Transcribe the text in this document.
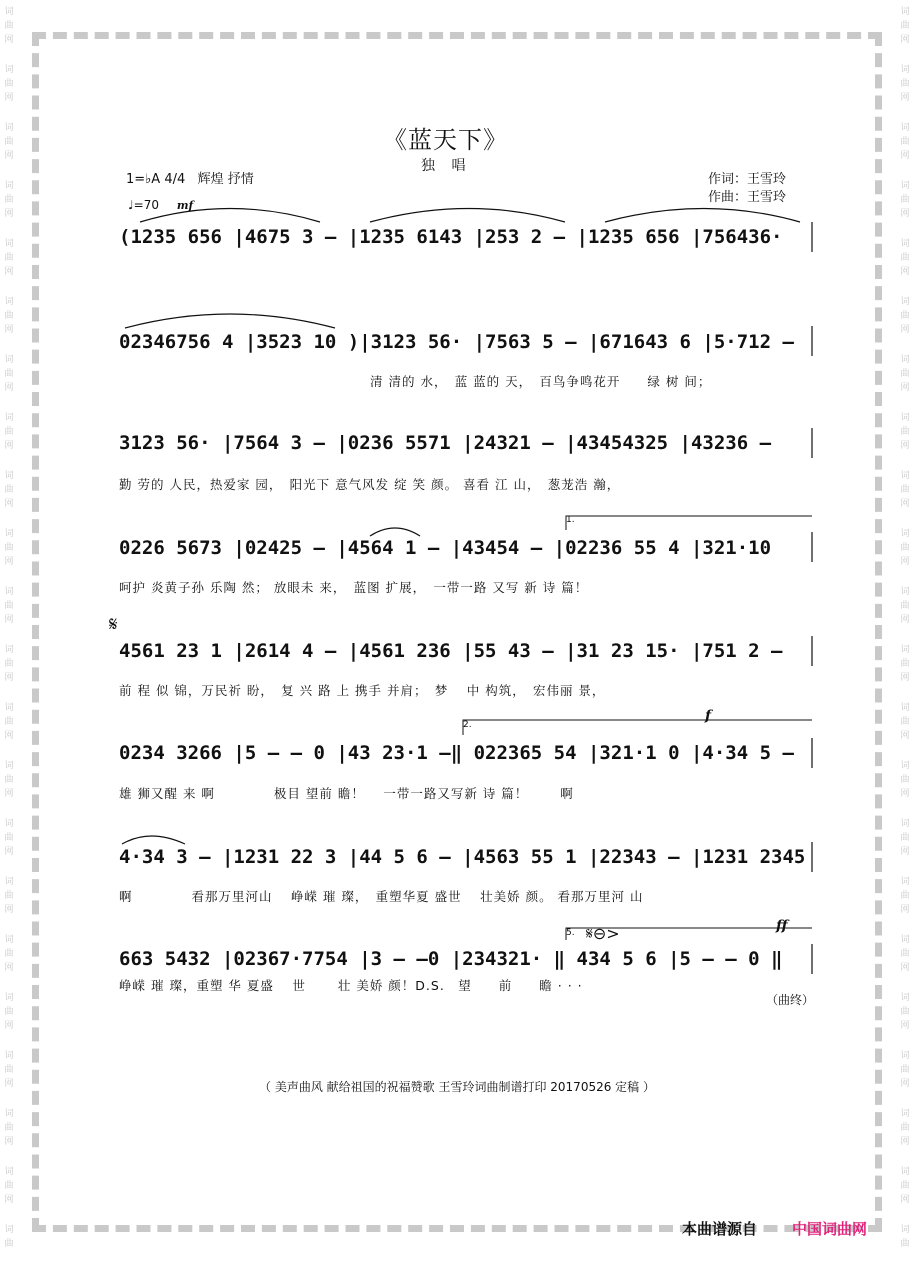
词
曲
网
词
曲
网
词
曲
网
词
曲
网
词
曲
网
词
曲
网
词
曲
网
词
曲
网
词
曲
网
词
曲
网
词
曲
网
词
曲
网
词
曲
网
词
曲
网
词
曲
网
词
曲
网
词
曲
网
词
曲
网
词
曲
网
词
曲
网
词
曲
网
词
曲
词
曲
网
词
曲
网
词
曲
网
词
曲
网
词
曲
网
词
曲
网
词
曲
网
词
曲
网
词
曲
网
词
曲
网
词
曲
网
词
曲
网
词
曲
网
词
曲
网
词
曲
网
词
曲
网
词
曲
网
词
曲
网
词
曲
网
词
曲
网
词
曲
网
词
曲
《蓝天下》
独 唱
1=♭A 4/4 辉煌 抒情
♩=70 mf
作词：王雪玲
作曲：王雪玲
(1235 656 |4675 3 – |1235 6143 |253 2 – |1235 656 |756436·
02346756 4 |3523 10 )|3123 56· |7563 5 – |671643 6 |5·712 –
清 清的 水，　蓝 蓝的 天，　百鸟争鸣花开　　绿 树 间；
3123 56· |7564 3 – |0236 5571 |24321 – |43454325 |43236 –
勤 劳的 人民，热爱家 园，　阳光下 意气风发 绽 笑 颜。 喜看 江 山，　葱茏浩 瀚，
0226 5673 |02425 – |4564 1 – |43454 – |02236 55 4 |321·10
呵护 炎黄子孙 乐陶 然； 放眼未 来，　蓝图 扩展，　一带一路 又写 新 诗 篇！
4561 23 1 |2614 4 – |4561 236 |55 43 – |31 23 15· |751 2 –
前 程 似 锦，万民祈 盼，　复 兴 路 上 携手 并肩；　梦　 中 构筑，　宏伟丽 景，
0234 3266 |5 – – 0 |43 23·1 –‖ 022365 54 |321·1 0 |4·34 5 –
雄 狮又醒 来 啊　　　　 极目 望前 瞻！　 一带一路又写新 诗 篇！　　 啊
4·34 3 – |1231 22 3 |44 5 6 – |4563 55 1 |22343 – |1231 2345
啊　　　　 看那万里河山　 峥嵘 璀 璨，　重塑华夏 盛世　 壮美娇 颜。 看那万里河 山
663 5432 |02367·7754 |3 – –0 |234321· ‖ 434 5 6 |5 – – 0 ‖
峥嵘 璀 璨，重塑 华 夏盛　 世　　 壮 美娇 颜！D.S.　望　　前　　瞻 · · ·
1.
2.
5.
𝄋
𝄋⊖>
f
ff
（曲终）
（ 美声曲风 献给祖国的祝福赞歌 王雪玲词曲制谱打印 20170526 定稿 ）
本曲谱源自 中国词曲网
